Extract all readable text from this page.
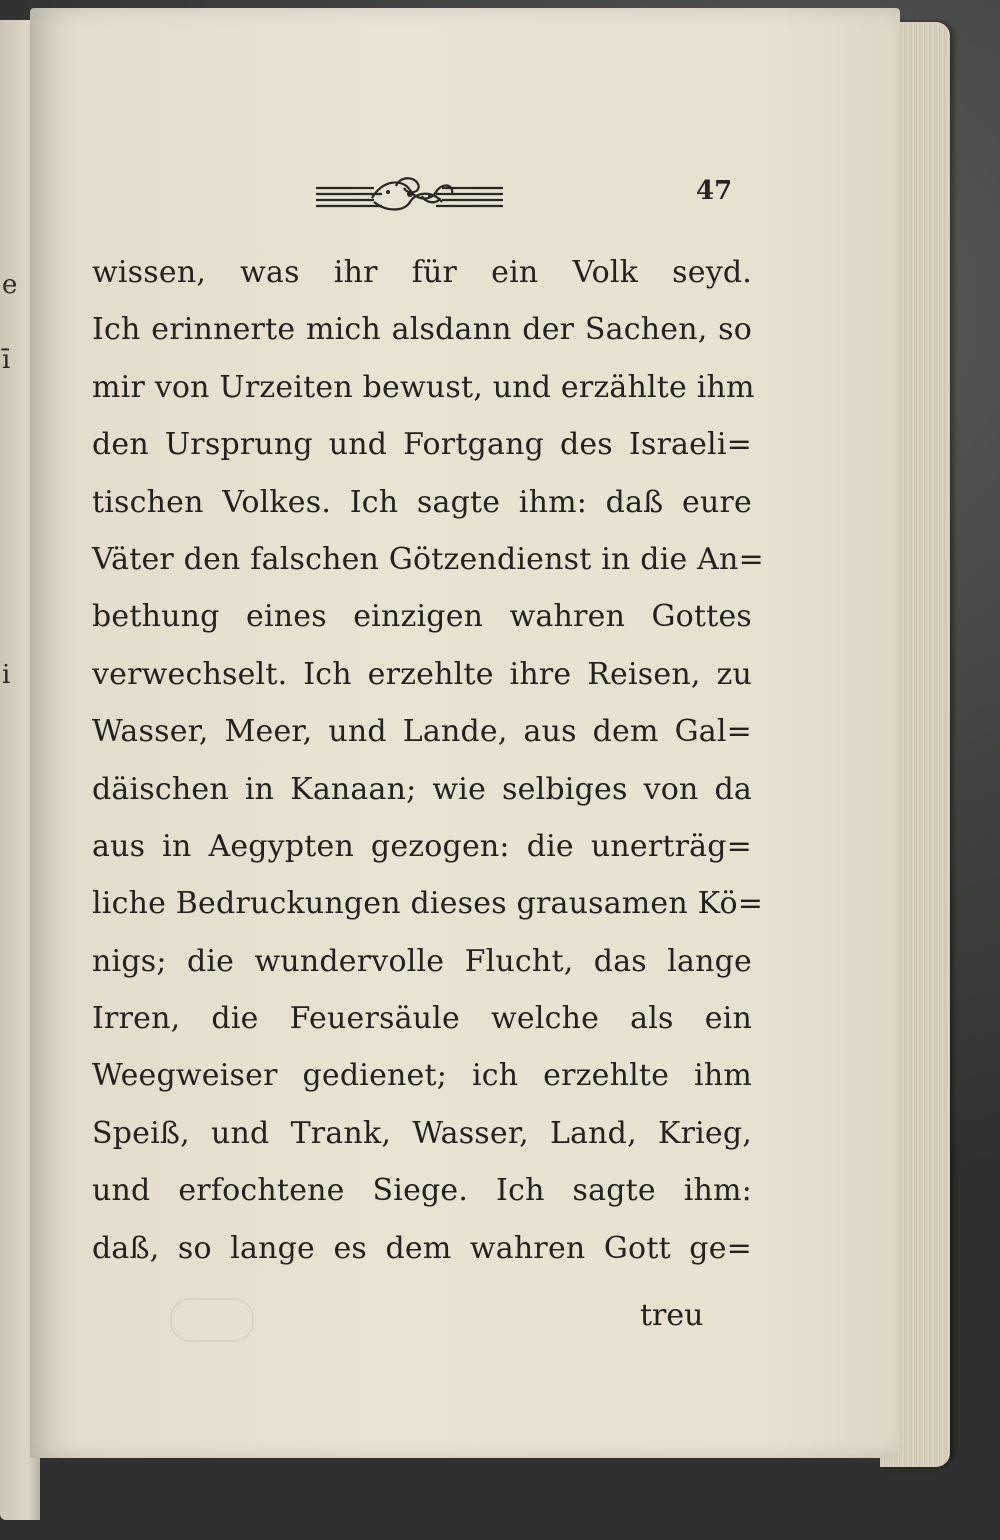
e
ī
i
47
wissen, was ihr für ein Volk seyd.
Ich erinnerte mich alsdann der Sachen, so
mir von Urzeiten bewust, und erzählte ihm
den Ursprung und Fortgang des Israeli=
tischen Volkes. Ich sagte ihm: daß eure
Väter den falschen Götzendienst in die An=
bethung eines einzigen wahren Gottes
verwechselt. Ich erzehlte ihre Reisen, zu
Wasser, Meer, und Lande, aus dem Gal=
däischen in Kanaan; wie selbiges von da
aus in Aegypten gezogen: die unerträg=
liche Bedruckungen dieses grausamen Kö=
nigs; die wundervolle Flucht, das lange
Irren, die Feuersäule welche als ein
Weegweiser gedienet; ich erzehlte ihm
Speiß, und Trank, Wasser, Land, Krieg,
und erfochtene Siege. Ich sagte ihm:
daß, so lange es dem wahren Gott ge=
treu
